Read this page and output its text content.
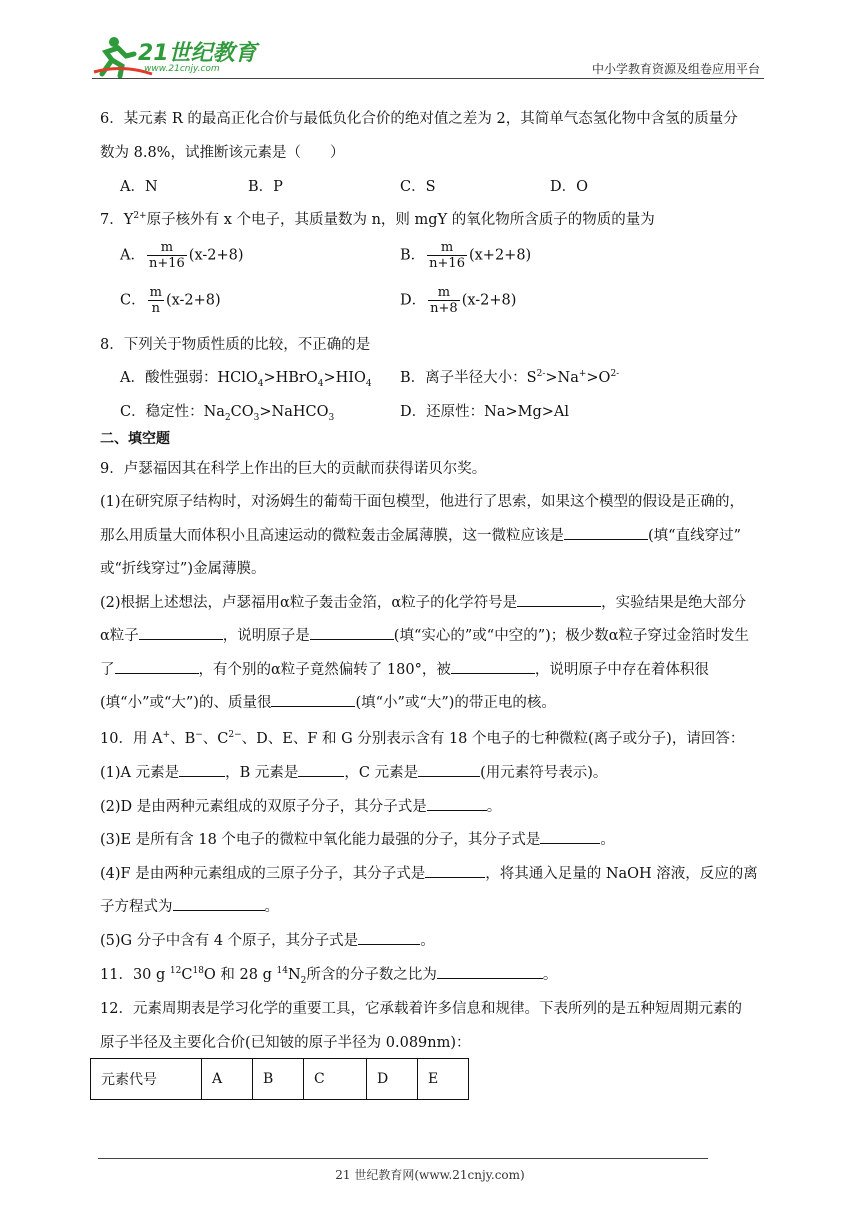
21世纪教育
www.21cnjy.com	中小学教育资源及组卷应用平台
6．某元素 R 的最高正化合价与最低负化合价的绝对值之差为 2，其简单气态氢化物中含氢的质量分
数为 8.8%，试推断该元素是（　　）
A．N	B．P	C．S	D．O
7．$Y^{2+}$原子核外有 x 个电子，其质量数为 n，则 mgY 的氧化物所含质子的物质的量为
A． $\frac{m}{n+16} (x-2+8)$	B． $\frac{m}{n+16} (x+2+8)$
C． $\frac{m}{n} (x-2+8)$	D． $\frac{m}{n+8} (x-2+8)$
8．下列关于物质性质的比较，不正确的是
A．酸性强弱：$HClO_4>HBrO_4>HIO_4$ B．离子半径大小：$S^{2-}>Na^+>O^{2-}$
C．稳定性：$Na_2CO_3>NaHCO_3$	D．还原性：Na>Mg>Al
二、填空题
9．卢瑟福因其在科学上作出的巨大的贡献而获得诺贝尔奖。
(1)在研究原子结构时，对汤姆生的葡萄干面包模型，他进行了思索，如果这个模型的假设是正确的，
那么用质量大而体积小且高速运动的微粒轰击金属薄膜，这一微粒应该是	(填“直线穿过”
或“折线穿过”)金属薄膜。
(2)根据上述想法，卢瑟福用α粒子轰击金箔，α粒子的化学符号是	，实验结果是绝大部分
α粒子	，说明原子是	(填“实心的”或“中空的”)；极少数α粒子穿过金箔时发生
了	，有个别的α粒子竟然偏转了 180°，被	，说明原子中存在着体积很
(填“小”或“大”)的、质量很	(填“小”或“大”)的带正电的核。
10．用 A+、B−、$C^{2-}$、D、E、F 和 G 分别表示含有 18 个电子的七种微粒(离子或分子)，请回答：
(1)A 元素是	，B 元素是	，C 元素是	(用元素符号表示)。
(2)D 是由两种元素组成的双原子分子，其分子式是	。
(3)E 是所有含 18 个电子的微粒中氧化能力最强的分子，其分子式是	。
(4)F 是由两种元素组成的三原子分子，其分子式是	，将其通入足量的 NaOH 溶液，反应的离
子方程式为	。
(5)G 分子中含有 4 个原子，其分子式是	。
11．30 g $^{12}C^{18}O$ 和 28 g $^{14}N_2$所含的分子数之比为	。
12．元素周期表是学习化学的重要工具，它承载着许多信息和规律。下表所列的是五种短周期元素的
原子半径及主要化合价(已知铍的原子半径为 0.089nm)：
元素代号	A	B	C	D	E
21 世纪教育网(www.21cnjy.com)
